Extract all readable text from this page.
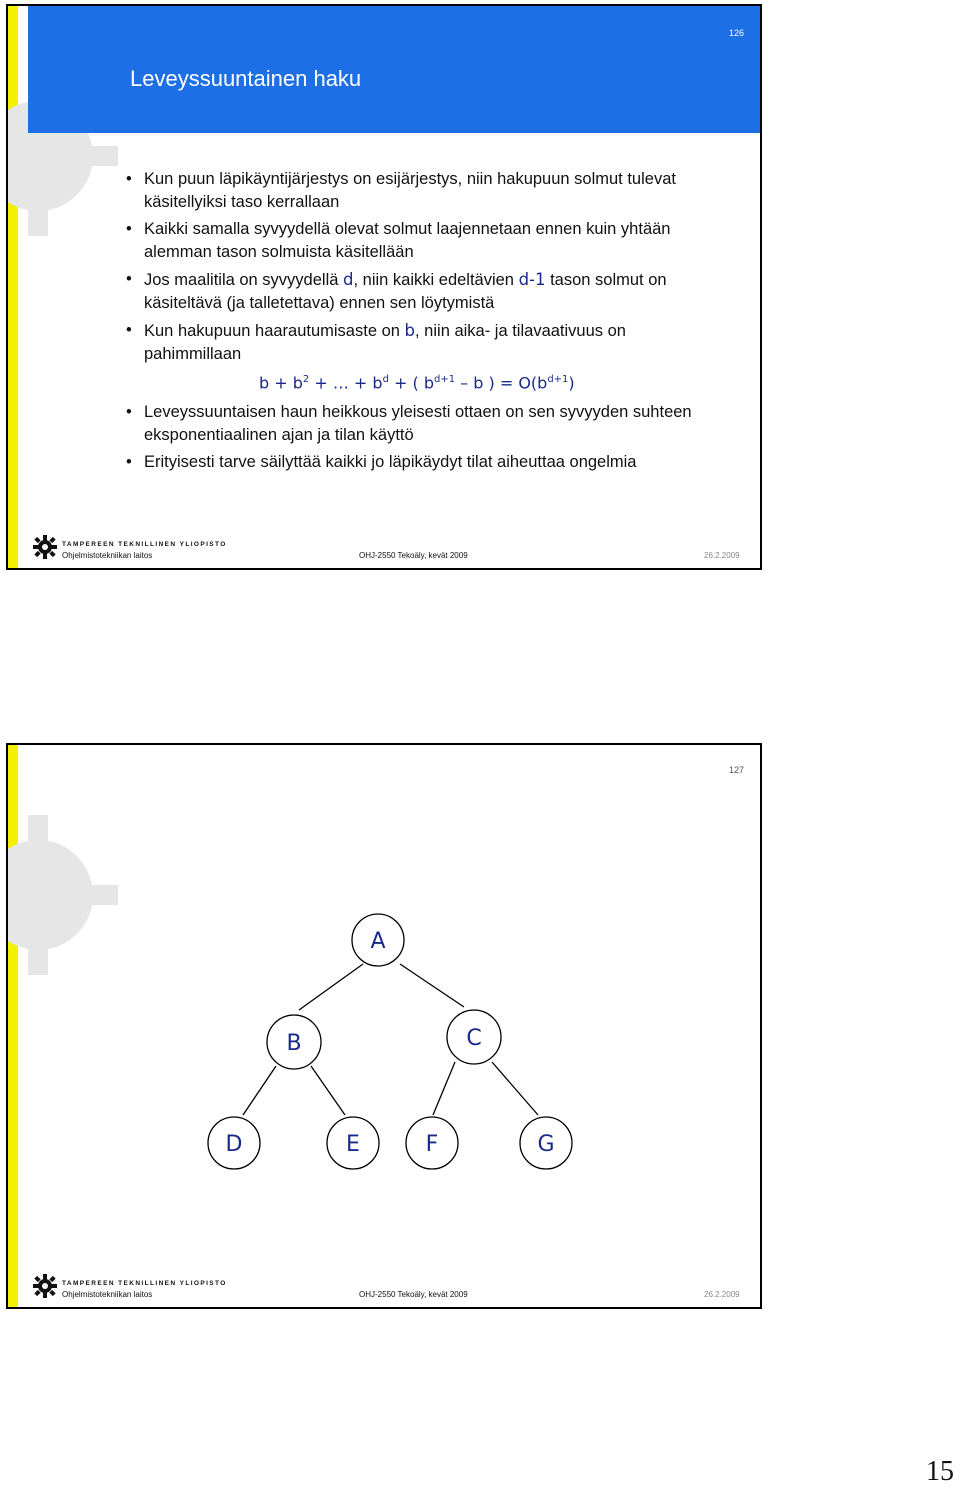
126
Leveyssuuntainen haku
• Kun puun läpikäyntijärjestys on esijärjestys, niin hakupuun solmut tulevat käsitellyiksi taso kerrallaan
• Kaikki samalla syvyydellä olevat solmut laajennetaan ennen kuin yhtään alemman tason solmuista käsitellään
• Jos maalitila on syvyydellä d, niin kaikki edeltävien d-1 tason solmut on käsiteltävä (ja talletettava) ennen sen löytymistä
• Kun hakupuun haarautumisaste on b, niin aika- ja tilavaativuus on pahimmillaan
$b + b^2$ + … + $b^d$ + ( $b^{d+1}$ – b ) = $O(b^{d+1})$
• Leveyssuuntaisen haun heikkous yleisesti ottaen on sen syvyyden suhteen eksponentiaalinen ajan ja tilan käyttö
• Erityisesti tarve säilyttää kaikki jo läpikäydyt tilat aiheuttaa ongelmia
TAMPEREEN TEKNILLINEN YLIOPISTO
Ohjelmistotekniikan laitos	OHJ-2550 Tekoäly, kevät 2009	26.2.2009
127
A
B	C
D	E	F	G
TAMPEREEN TEKNILLINEN YLIOPISTO
Ohjelmistotekniikan laitos	OHJ-2550 Tekoäly, kevät 2009	26.2.2009
15
